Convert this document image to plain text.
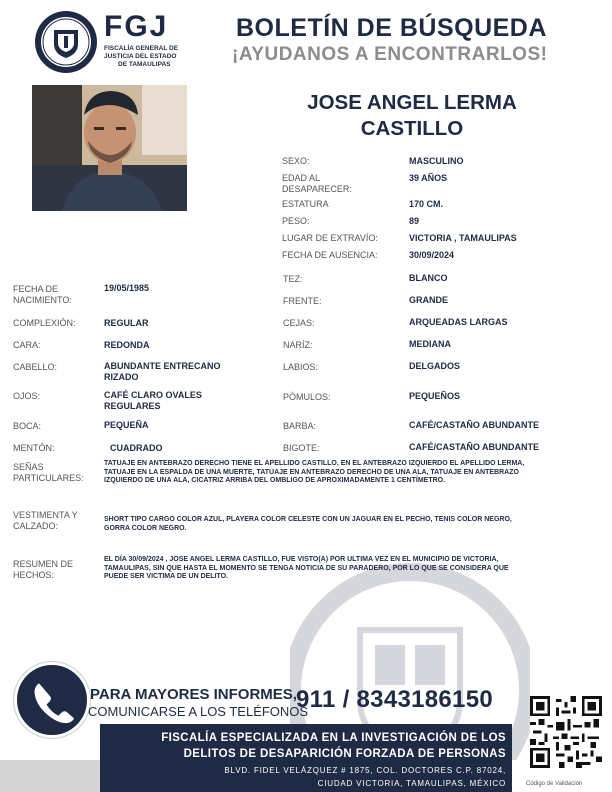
FGJ
FISCALÍA GENERAL DE
JUSTICIA DEL ESTADO
DE TAMAULIPAS
BOLETÍN DE BÚSQUEDA
¡AYUDANOS A ENCONTRARLOS!
JOSE ANGEL LERMA
CASTILLO
SEXO:	MASCULINO
EDAD AL
DESAPARECER:
39 AÑOS
ESTATURA	170 CM.
PESO:	89
LUGAR DE EXTRAVÍO:	VICTORIA , TAMAULIPAS
FECHA DE AUSENCIA:	30/09/2024
TEZ:	BLANCO
FRENTE:	GRANDE
CEJAS:	ARQUEADAS LARGAS
NARÍZ:	MEDIANA
LABIOS:	DELGADOS
PÓMULOS:	PEQUEÑOS
BARBA:	CAFÉ/CASTAÑO ABUNDANTE
BIGOTE:	CAFÉ/CASTAÑO ABUNDANTE
FECHA DE
NACIMIENTO:
19/05/1985
COMPLEXIÓN:	REGULAR
CARA:	REDONDA
CABELLO:	ABUNDANTE ENTRECANO
RIZADO
OJOS:	CAFÉ CLARO OVALES
REGULARES
BOCA:	PEQUEÑA
MENTÓN:	CUADRADO
SEÑAS
PARTICULARES:
TATUAJE EN ANTEBRAZO DERECHO TIENE EL APELLIDO CASTILLO, EN EL ANTEBRAZO IZQUIERDO EL APELLIDO LERMA,
TATUAJE EN LA ESPALDA DE UNA MUERTE, TATUAJE EN ANTEBRAZO DERECHO DE UNA ALA, TATUAJE EN ANTEBRAZO
IZQUIERDO DE UNA ALA, CICATRIZ ARRIBA DEL OMBLIGO DE APROXIMADAMENTE 1 CENTÍMETRO.
VESTIMENTA Y
CALZADO:
SHORT TIPO CARGO COLOR AZUL, PLAYERA COLOR CELESTE CON UN JAGUAR EN EL PECHO, TENIS COLOR NEGRO,
GORRA COLOR NEGRO.
RESUMEN DE
HECHOS:
EL DÍA 30/09/2024 , JOSE ANGEL LERMA CASTILLO, FUE VISTO(A) POR ULTIMA VEZ EN EL MUNICIPIO DE VICTORIA,
TAMAULIPAS, SIN QUE HASTA EL MOMENTO SE TENGA NOTICIA DE SU PARADERO, POR LO QUE SE CONSIDERA QUE
PUEDE SER VICTIMA DE UN DELITO.
PARA MAYORES INFORMES,
COMUNICARSE A LOS TELÉFONOS
911 / 8343186150
FISCALÍA ESPECIALIZADA EN LA INVESTIGACIÓN DE LOS
DELITOS DE DESAPARICIÓN FORZADA DE PERSONAS
BLVD. FIDEL VELÁZQUEZ # 1875, COL. DOCTORES C.P. 87024,
CIUDAD VICTORIA, TAMAULIPAS, MÉXICO	Código de Validación
